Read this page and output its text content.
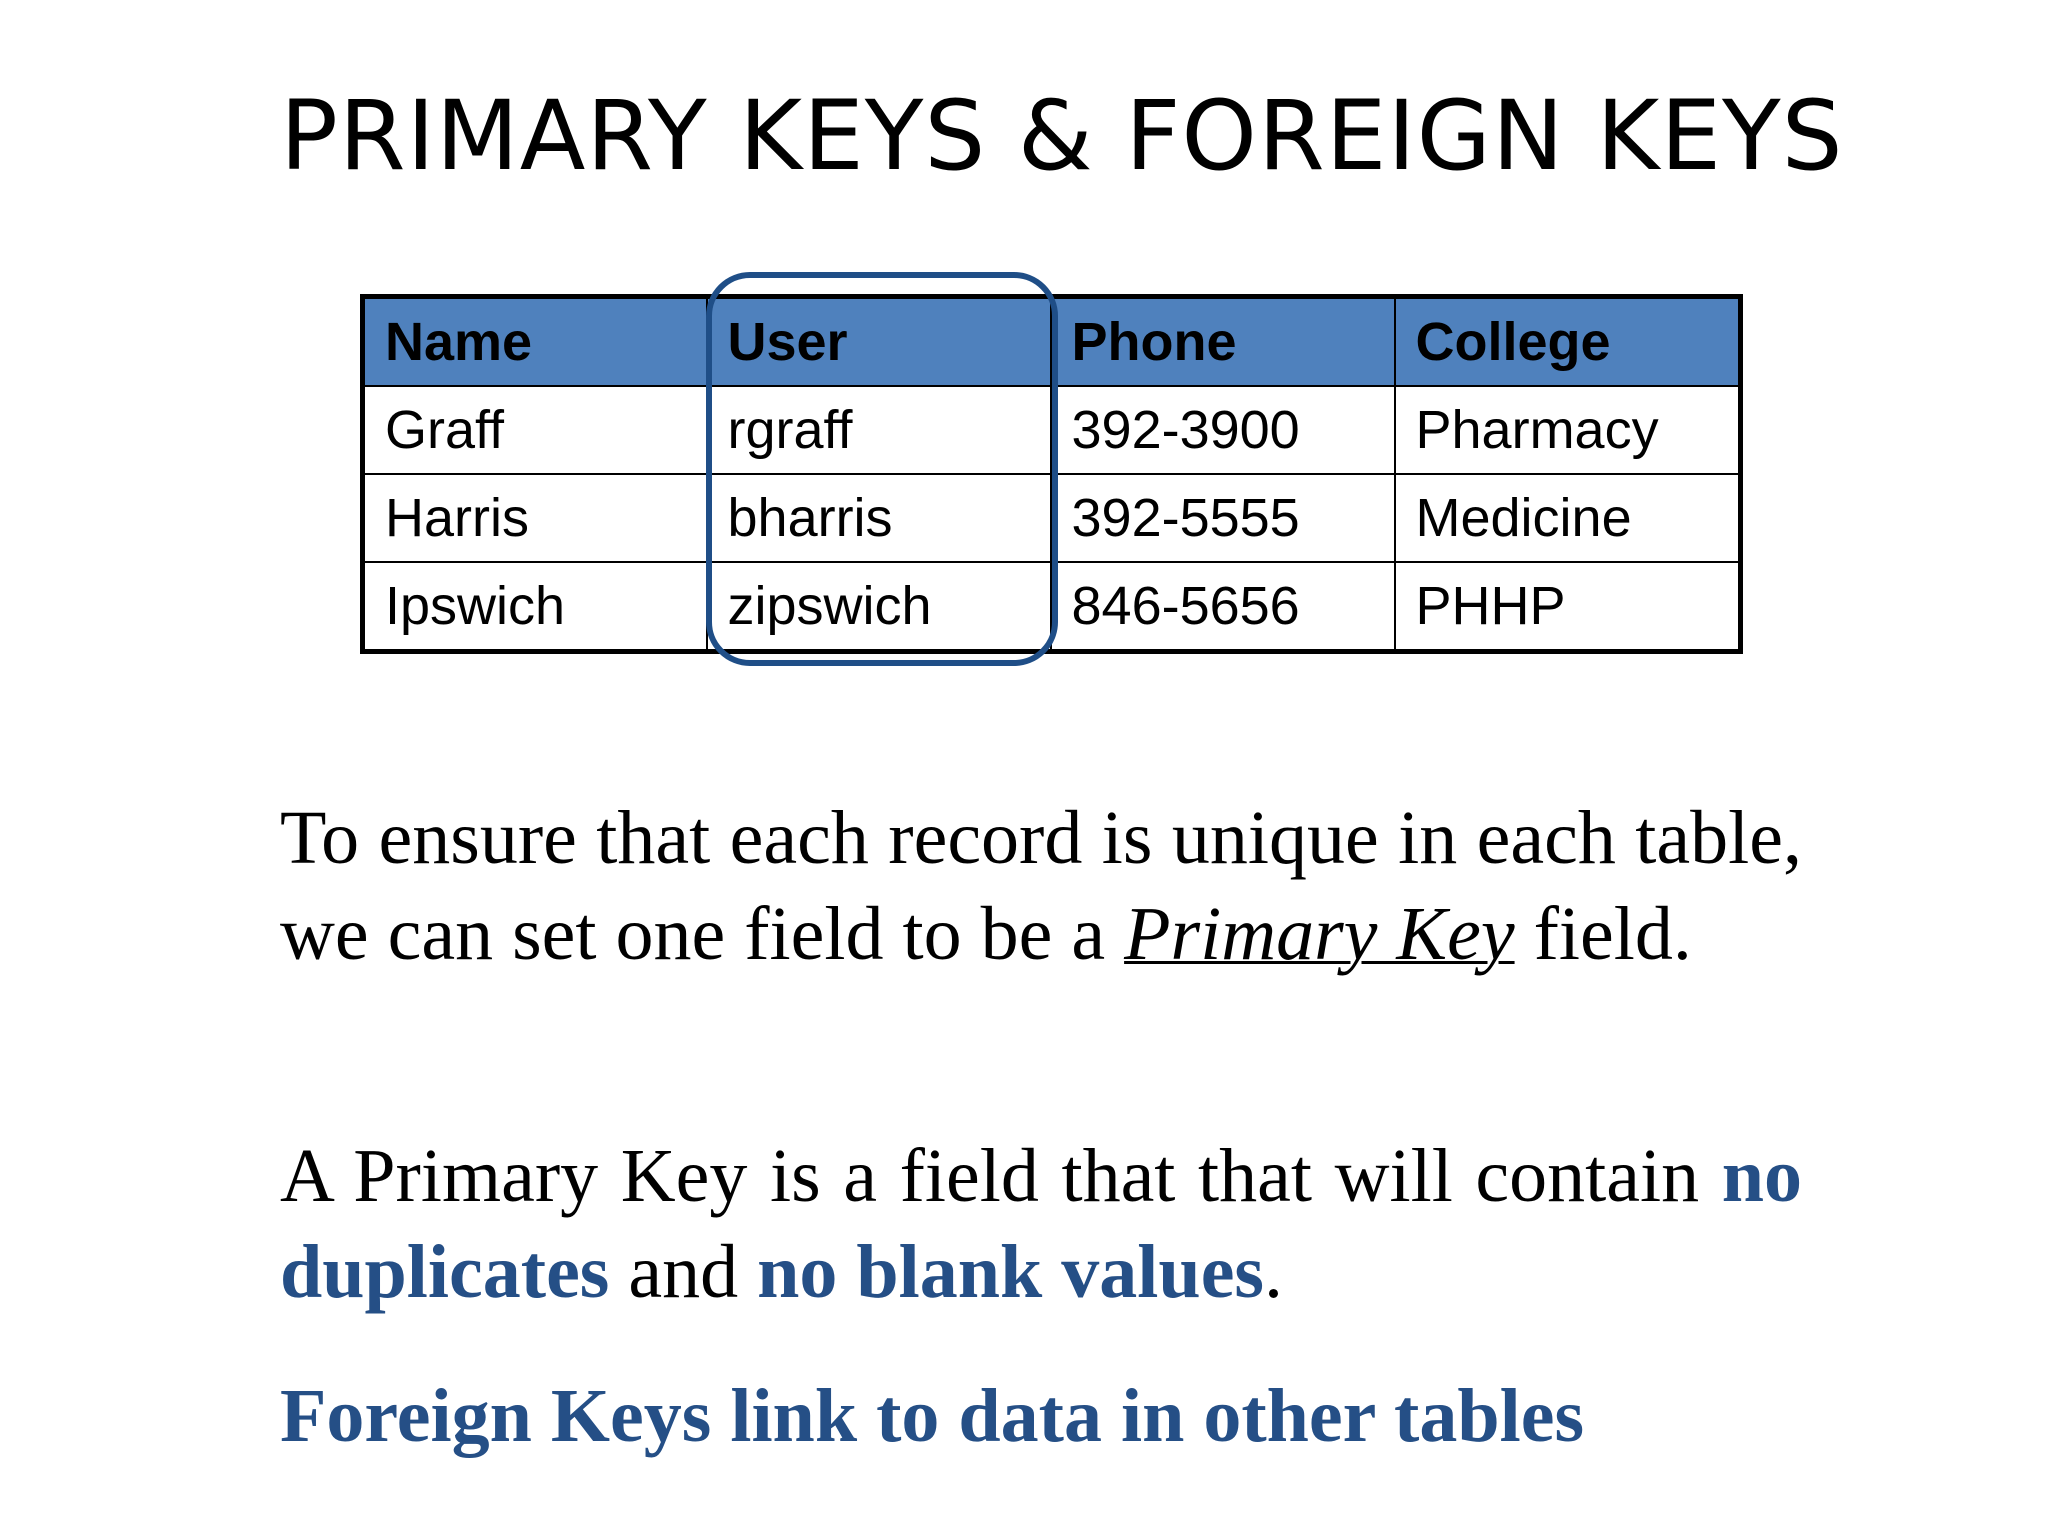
PRIMARY KEYS & FOREIGN KEYS
Name	User	Phone	College
Graff	rgraff	392-3900	Pharmacy
Harris	bharris	392-5555	Medicine
Ipswich	zipswich	846-5656	PHHP

To ensure that each record is unique in each table, we can set one field to be a Primary Key field.

A Primary Key is a field that that will contain no duplicates and no blank values.

Foreign Keys link to data in other tables
